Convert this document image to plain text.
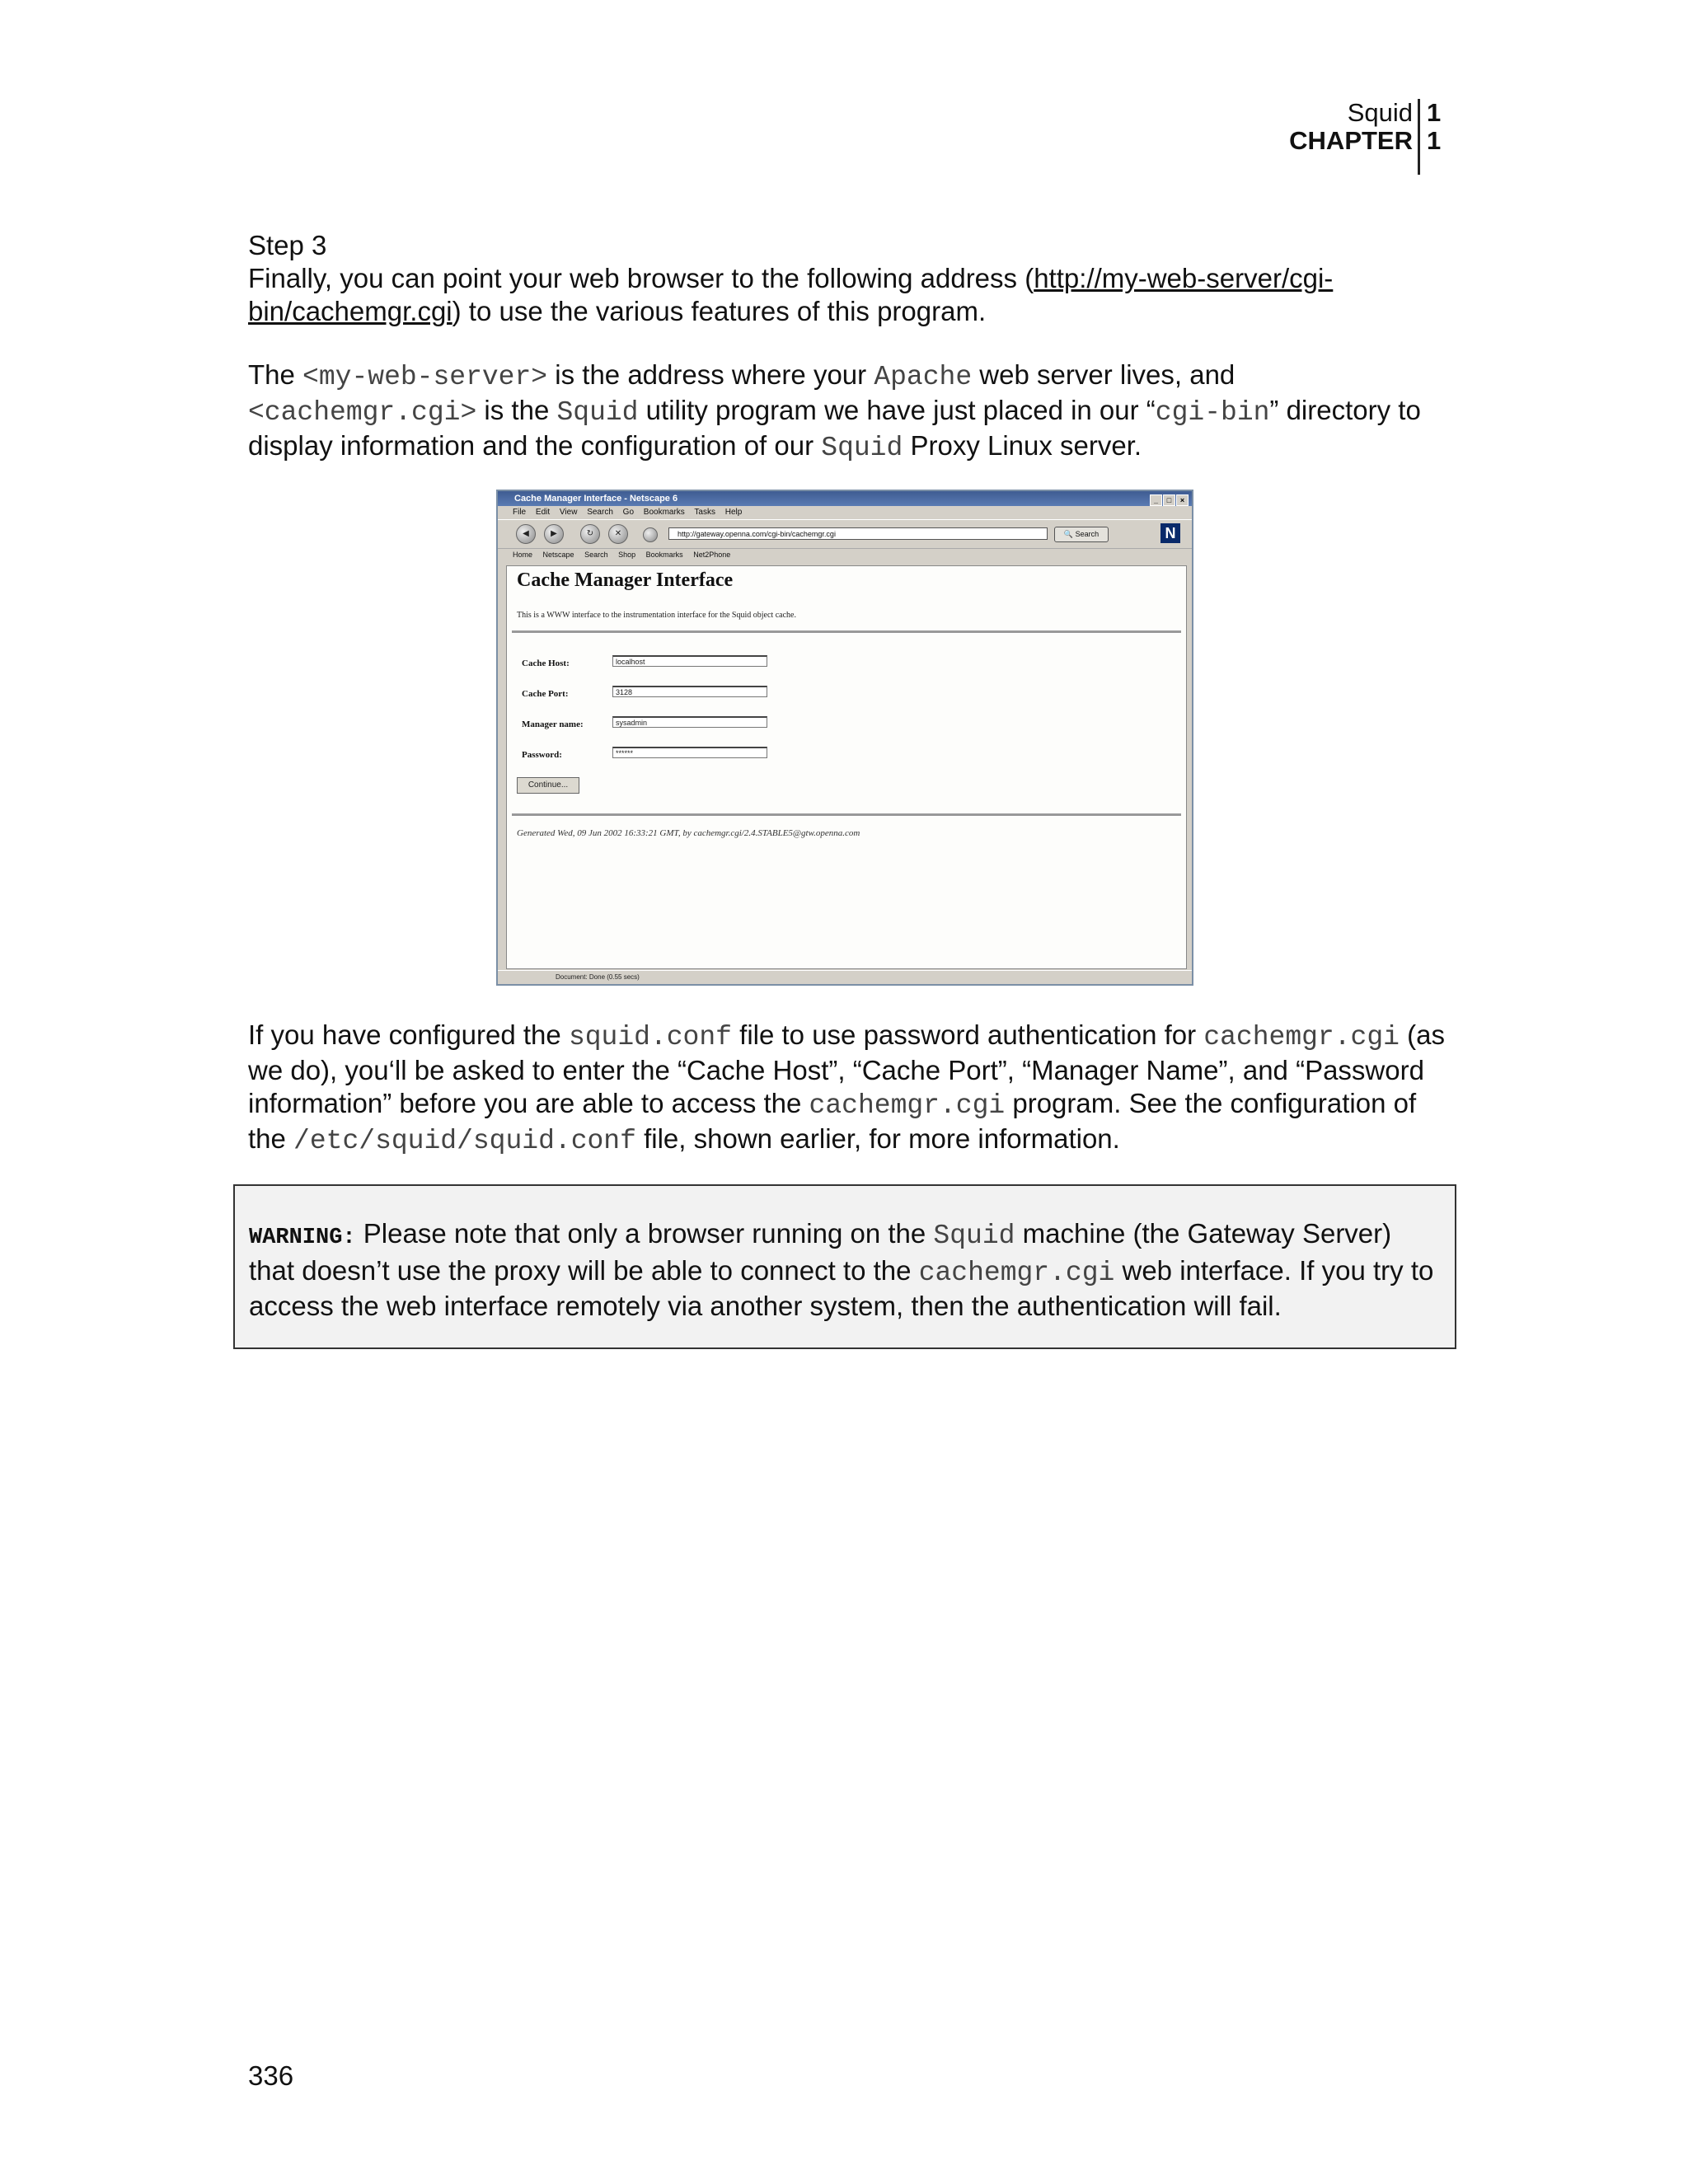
Squid
CHAPTER
1
1
Step 3
Finally, you can point your web browser to the following address (http://my-web-server/cgi-bin/cachemgr.cgi) to use the various features of this program.
The <my-web-server> is the address where your Apache web server lives, and
<cachemgr.cgi> is the Squid utility program we have just placed in our “cgi-bin” directory to display information and the configuration of our Squid Proxy Linux server.
Cache Manager Interface - Netscape 6	_ □ ×
File Edit View Search Go Bookmarks Tasks Help
◀	▶	↻	✕	http://gateway.openna.com/cgi-bin/cachemgr.cgi	🔍 Search	N
Home Netscape Search Shop Bookmarks Net2Phone
Cache Manager Interface
This is a WWW interface to the instrumentation interface for the Squid object cache.
Cache Host:	localhost
Cache Port:	3128
Manager name:	sysadmin
Password:	******
Continue...
Generated Wed, 09 Jun 2002 16:33:21 GMT, by cachemgr.cgi/2.4.STABLE5@gtw.openna.com
Document: Done (0.55 secs)
If you have configured the squid.conf file to use password authentication for cachemgr.cgi (as we do), you‘ll be asked to enter the “Cache Host”, “Cache Port”, “Manager Name”, and “Password information” before you are able to access the cachemgr.cgi program. See the configuration of the /etc/squid/squid.conf file, shown earlier, for more information.
WARNING: Please note that only a browser running on the Squid machine (the Gateway Server) that doesn’t use the proxy will be able to connect to the cachemgr.cgi web interface. If you try to access the web interface remotely via another system, then the authentication will fail.
336
